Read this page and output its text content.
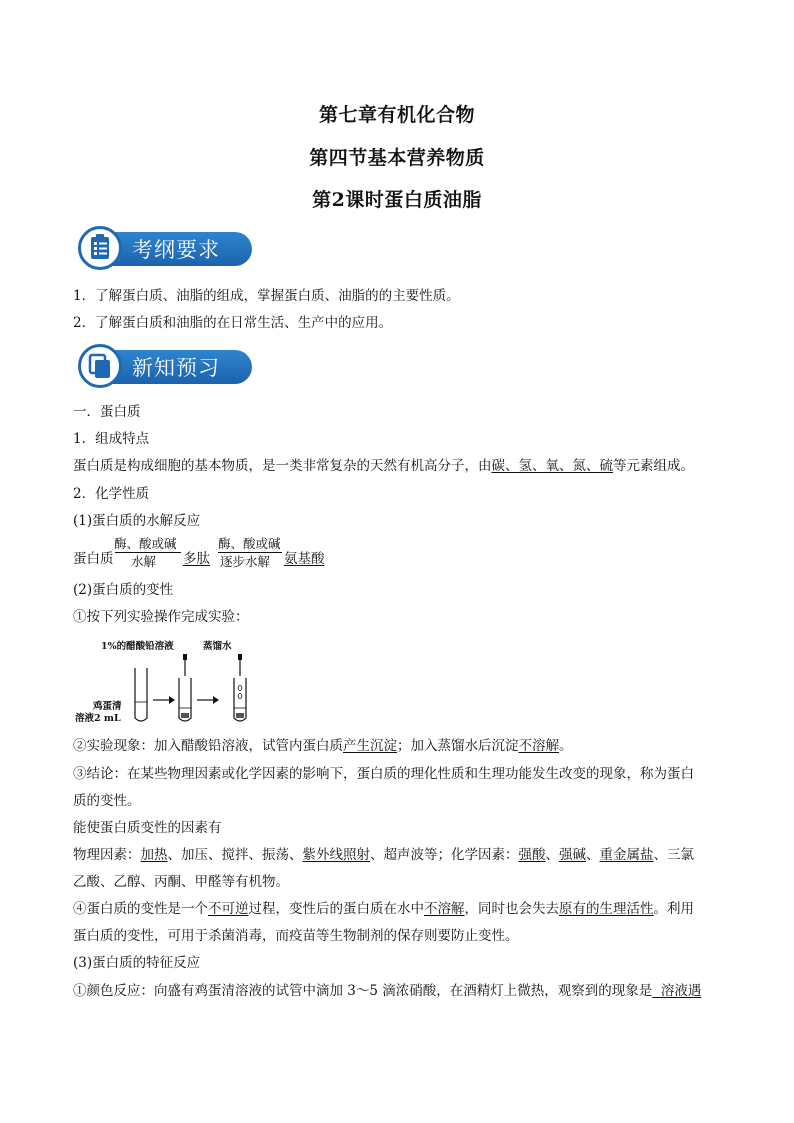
第七章有机化合物
第四节基本营养物质
第2课时蛋白质油脂
考纲要求
1．了解蛋白质、油脂的组成，掌握蛋白质、油脂的的主要性质。
2．了解蛋白质和油脂的在日常生活、生产中的应用。
新知预习
一．蛋白质
1．组成特点
蛋白质是构成细胞的基本物质，是一类非常复杂的天然有机高分子，由碳、氢、氧、氮、硫等元素组成。
2．化学性质
(1)蛋白质的水解反应
蛋白质
酶、酸或碱
水解 多肽
酶、酸或碱
逐步水解 氨基酸
(2)蛋白质的变性
①按下列实验操作完成实验：
1%的醋酸铅溶液	蒸馏水
鸡蛋清
溶液2 mL
②实验现象：加入醋酸铅溶液，试管内蛋白质产生沉淀；加入蒸馏水后沉淀不溶解。
③结论：在某些物理因素或化学因素的影响下，蛋白质的理化性质和生理功能发生改变的现象，称为蛋白
质的变性。
能使蛋白质变性的因素有
物理因素：加热、加压、搅拌、振荡、紫外线照射、超声波等；化学因素：强酸、强碱、重金属盐、三氯
乙酸、乙醇、丙酮、甲醛等有机物。
④蛋白质的变性是一个不可逆过程，变性后的蛋白质在水中不溶解，同时也会失去原有的生理活性。利用
蛋白质的变性，可用于杀菌消毒，而疫苗等生物制剂的保存则要防止变性。
(3)蛋白质的特征反应
①颜色反应：向盛有鸡蛋清溶液的试管中滴加 3～5 滴浓硝酸，在酒精灯上微热，观察到的现象是 溶液遇
